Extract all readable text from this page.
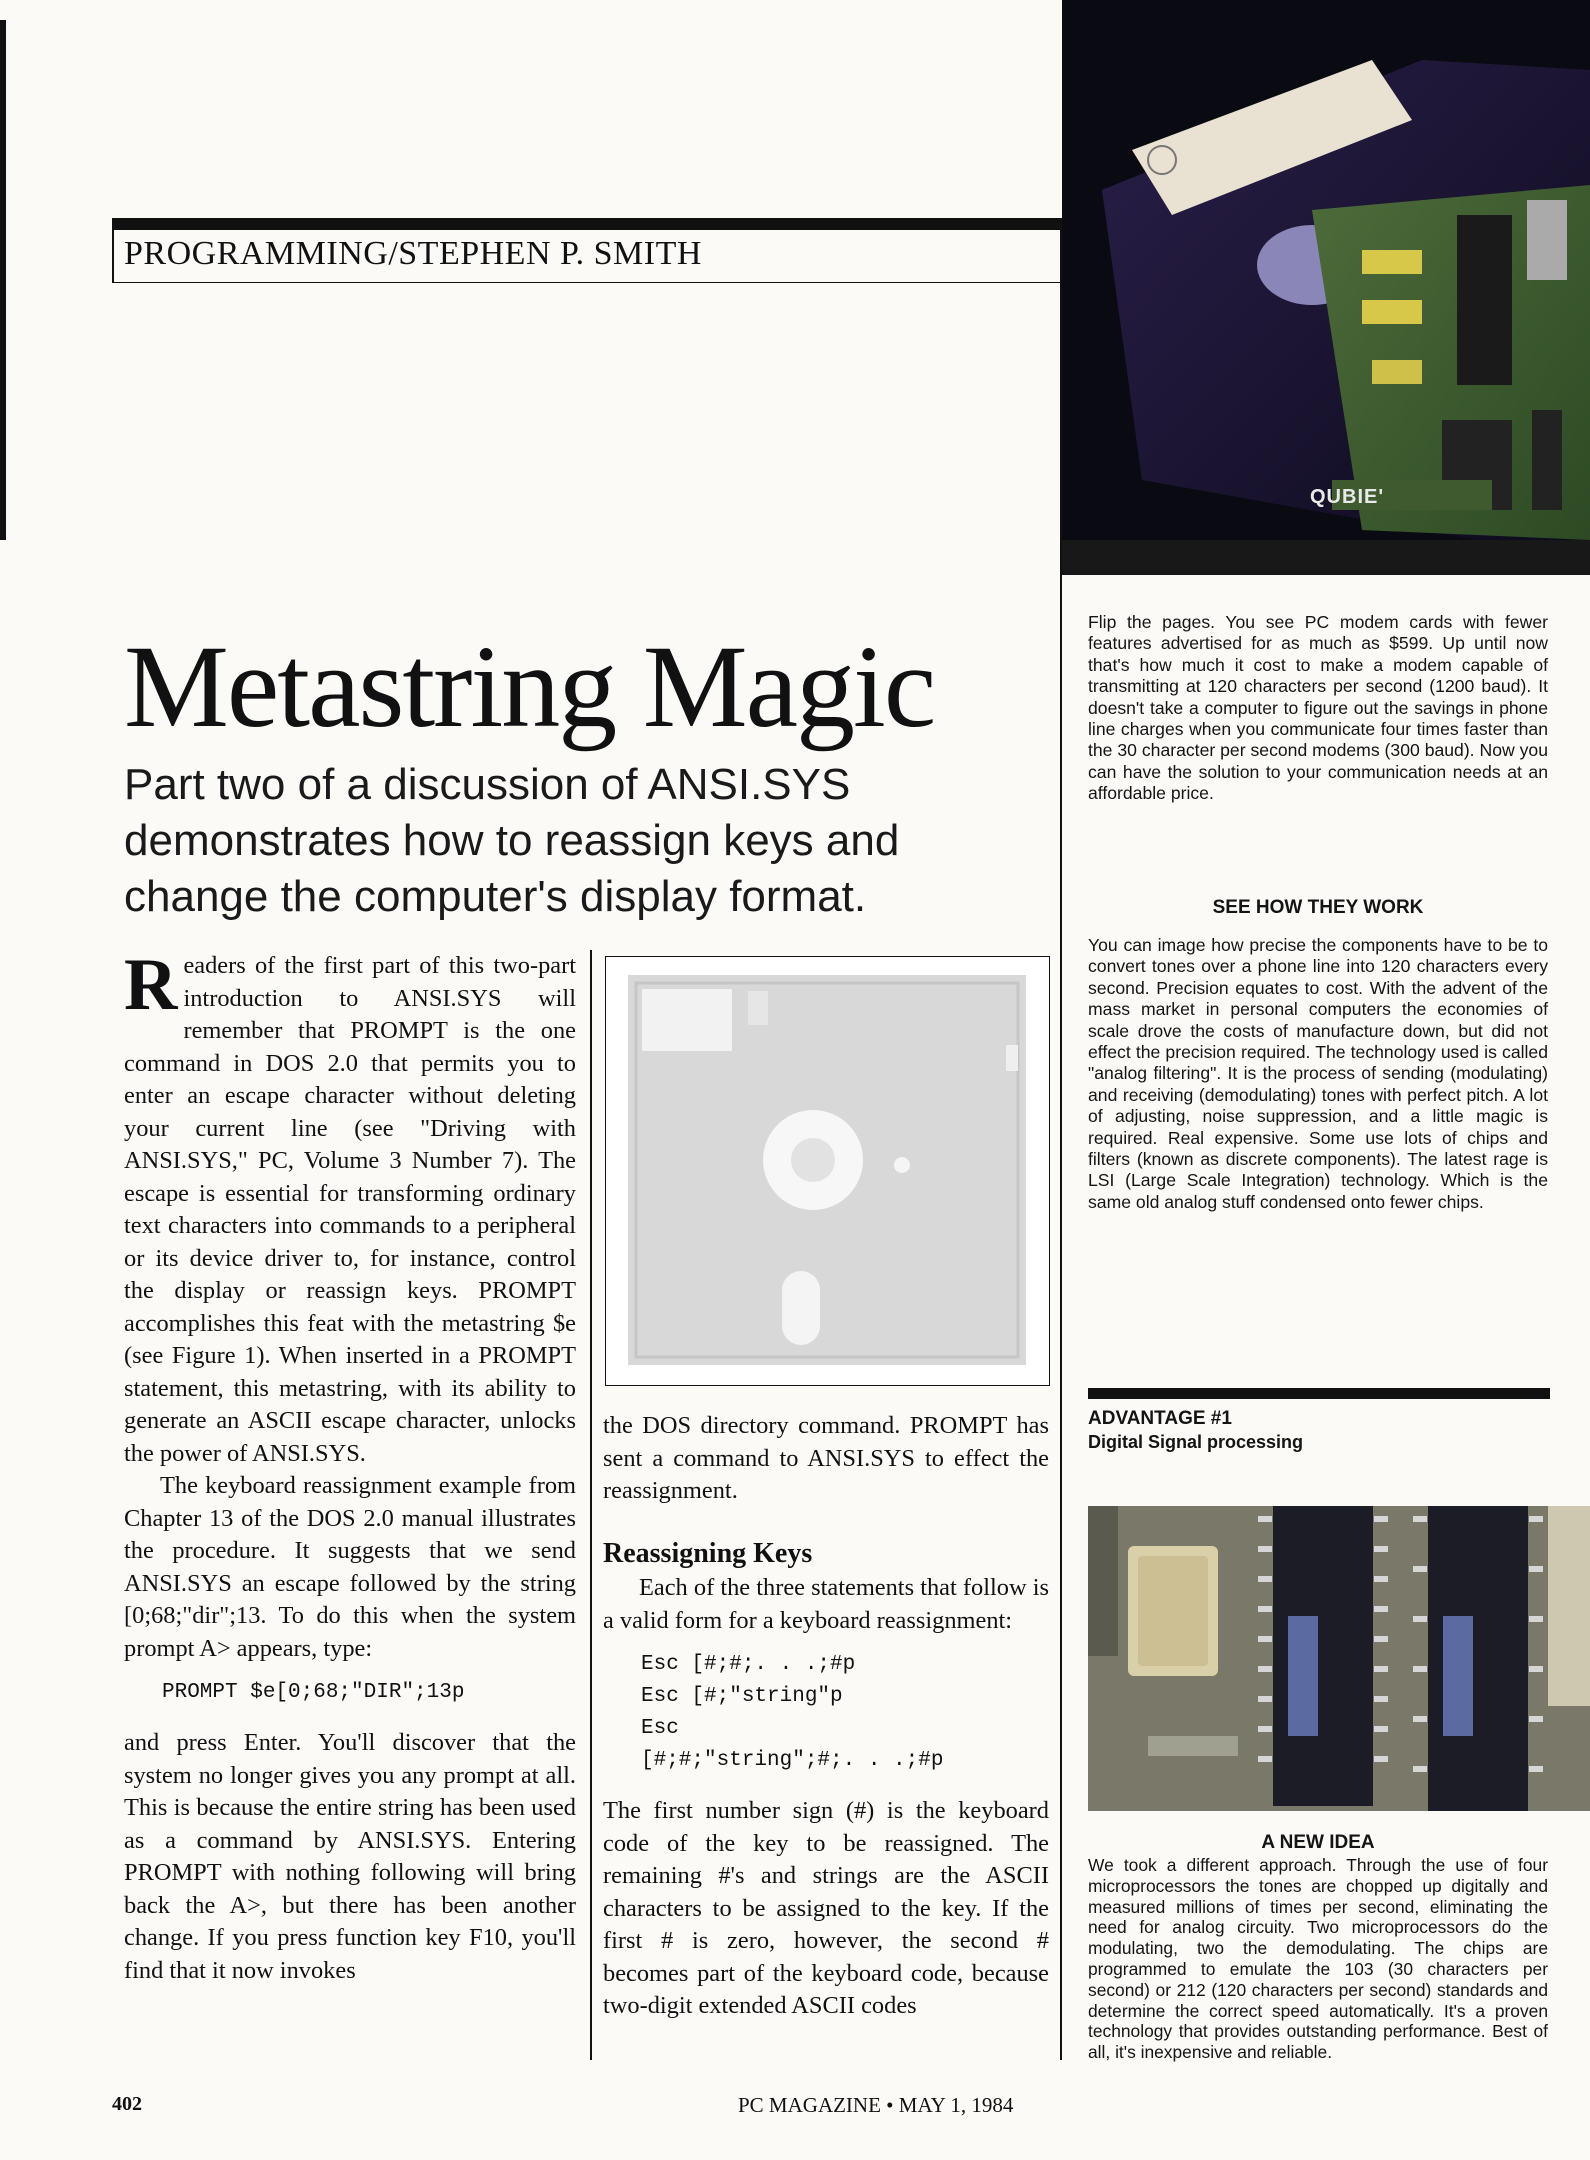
PROGRAMMING/STEPHEN P. SMITH
Metastring Magic
Part two of a discussion of ANSI.SYS demonstrates how to reassign keys and change the computer's display format.

Readers of the first part of this two-part introduction to ANSI.SYS will remember that PROMPT is the one command in DOS 2.0 that permits you to enter an escape character without deleting your current line (see "Driving with ANSI.SYS," PC, Volume 3 Number 7). The escape is essential for transforming ordinary text characters into commands to a peripheral or its device driver to, for instance, control the display or reassign keys. PROMPT accomplishes this feat with the metastring $e (see Figure 1). When inserted in a PROMPT statement, this metastring, with its ability to generate an ASCII escape character, unlocks the power of ANSI.SYS.

The keyboard reassignment example from Chapter 13 of the DOS 2.0 manual illustrates the procedure. It suggests that we send ANSI.SYS an escape followed by the string [0;68;"dir";13. To do this when the system prompt A> appears, type:

PROMPT $e[0;68;"DIR";13p

and press Enter. You'll discover that the system no longer gives you any prompt at all. This is because the entire string has been used as a command by ANSI.SYS. Entering PROMPT with nothing following will bring back the A>, but there has been another change. If you press function key F10, you'll find that it now invokes

the DOS directory command. PROMPT has sent a command to ANSI.SYS to effect the reassignment.

Reassigning Keys

Each of the three statements that follow is a valid form for a keyboard reassignment:

Esc [#;#;. . .;#p
Esc [#;"string"p
Esc
[#;#;"string";#;. . .;#p

The first number sign (#) is the keyboard code of the key to be reassigned. The remaining #'s and strings are the ASCII characters to be assigned to the key. If the first # is zero, however, the second # becomes part of the keyboard code, because two-digit extended ASCII codes

402	PC MAGAZINE • MAY 1, 1984
QUBIE'
Flip the pages. You see PC modem cards with fewer features advertised for as much as $599. Up until now that's how much it cost to make a modem capable of transmitting at 120 characters per second (1200 baud). It doesn't take a computer to figure out the savings in phone line charges when you communicate four times faster than the 30 character per second modems (300 baud). Now you can have the solution to your communication needs at an affordable price.
SEE HOW THEY WORK
You can image how precise the components have to be to convert tones over a phone line into 120 characters every second. Precision equates to cost. With the advent of the mass market in personal computers the economies of scale drove the costs of manufacture down, but did not effect the precision required. The technology used is called "analog filtering". It is the process of sending (modulating) and receiving (demodulating) tones with perfect pitch. A lot of adjusting, noise suppression, and a little magic is required. Real expensive. Some use lots of chips and filters (known as discrete components). The latest rage is LSI (Large Scale Integration) technology. Which is the same old analog stuff condensed onto fewer chips.
ADVANTAGE #1
Digital Signal processing
A NEW IDEA
We took a different approach. Through the use of four microprocessors the tones are chopped up digitally and measured millions of times per second, eliminating the need for analog circuity. Two microprocessors do the modulating, two the demodulating. The chips are programmed to emulate the 103 (30 characters per second) or 212 (120 characters per second) standards and determine the correct speed automatically. It's a proven technology that provides outstanding performance. Best of all, it's inexpensive and reliable.
